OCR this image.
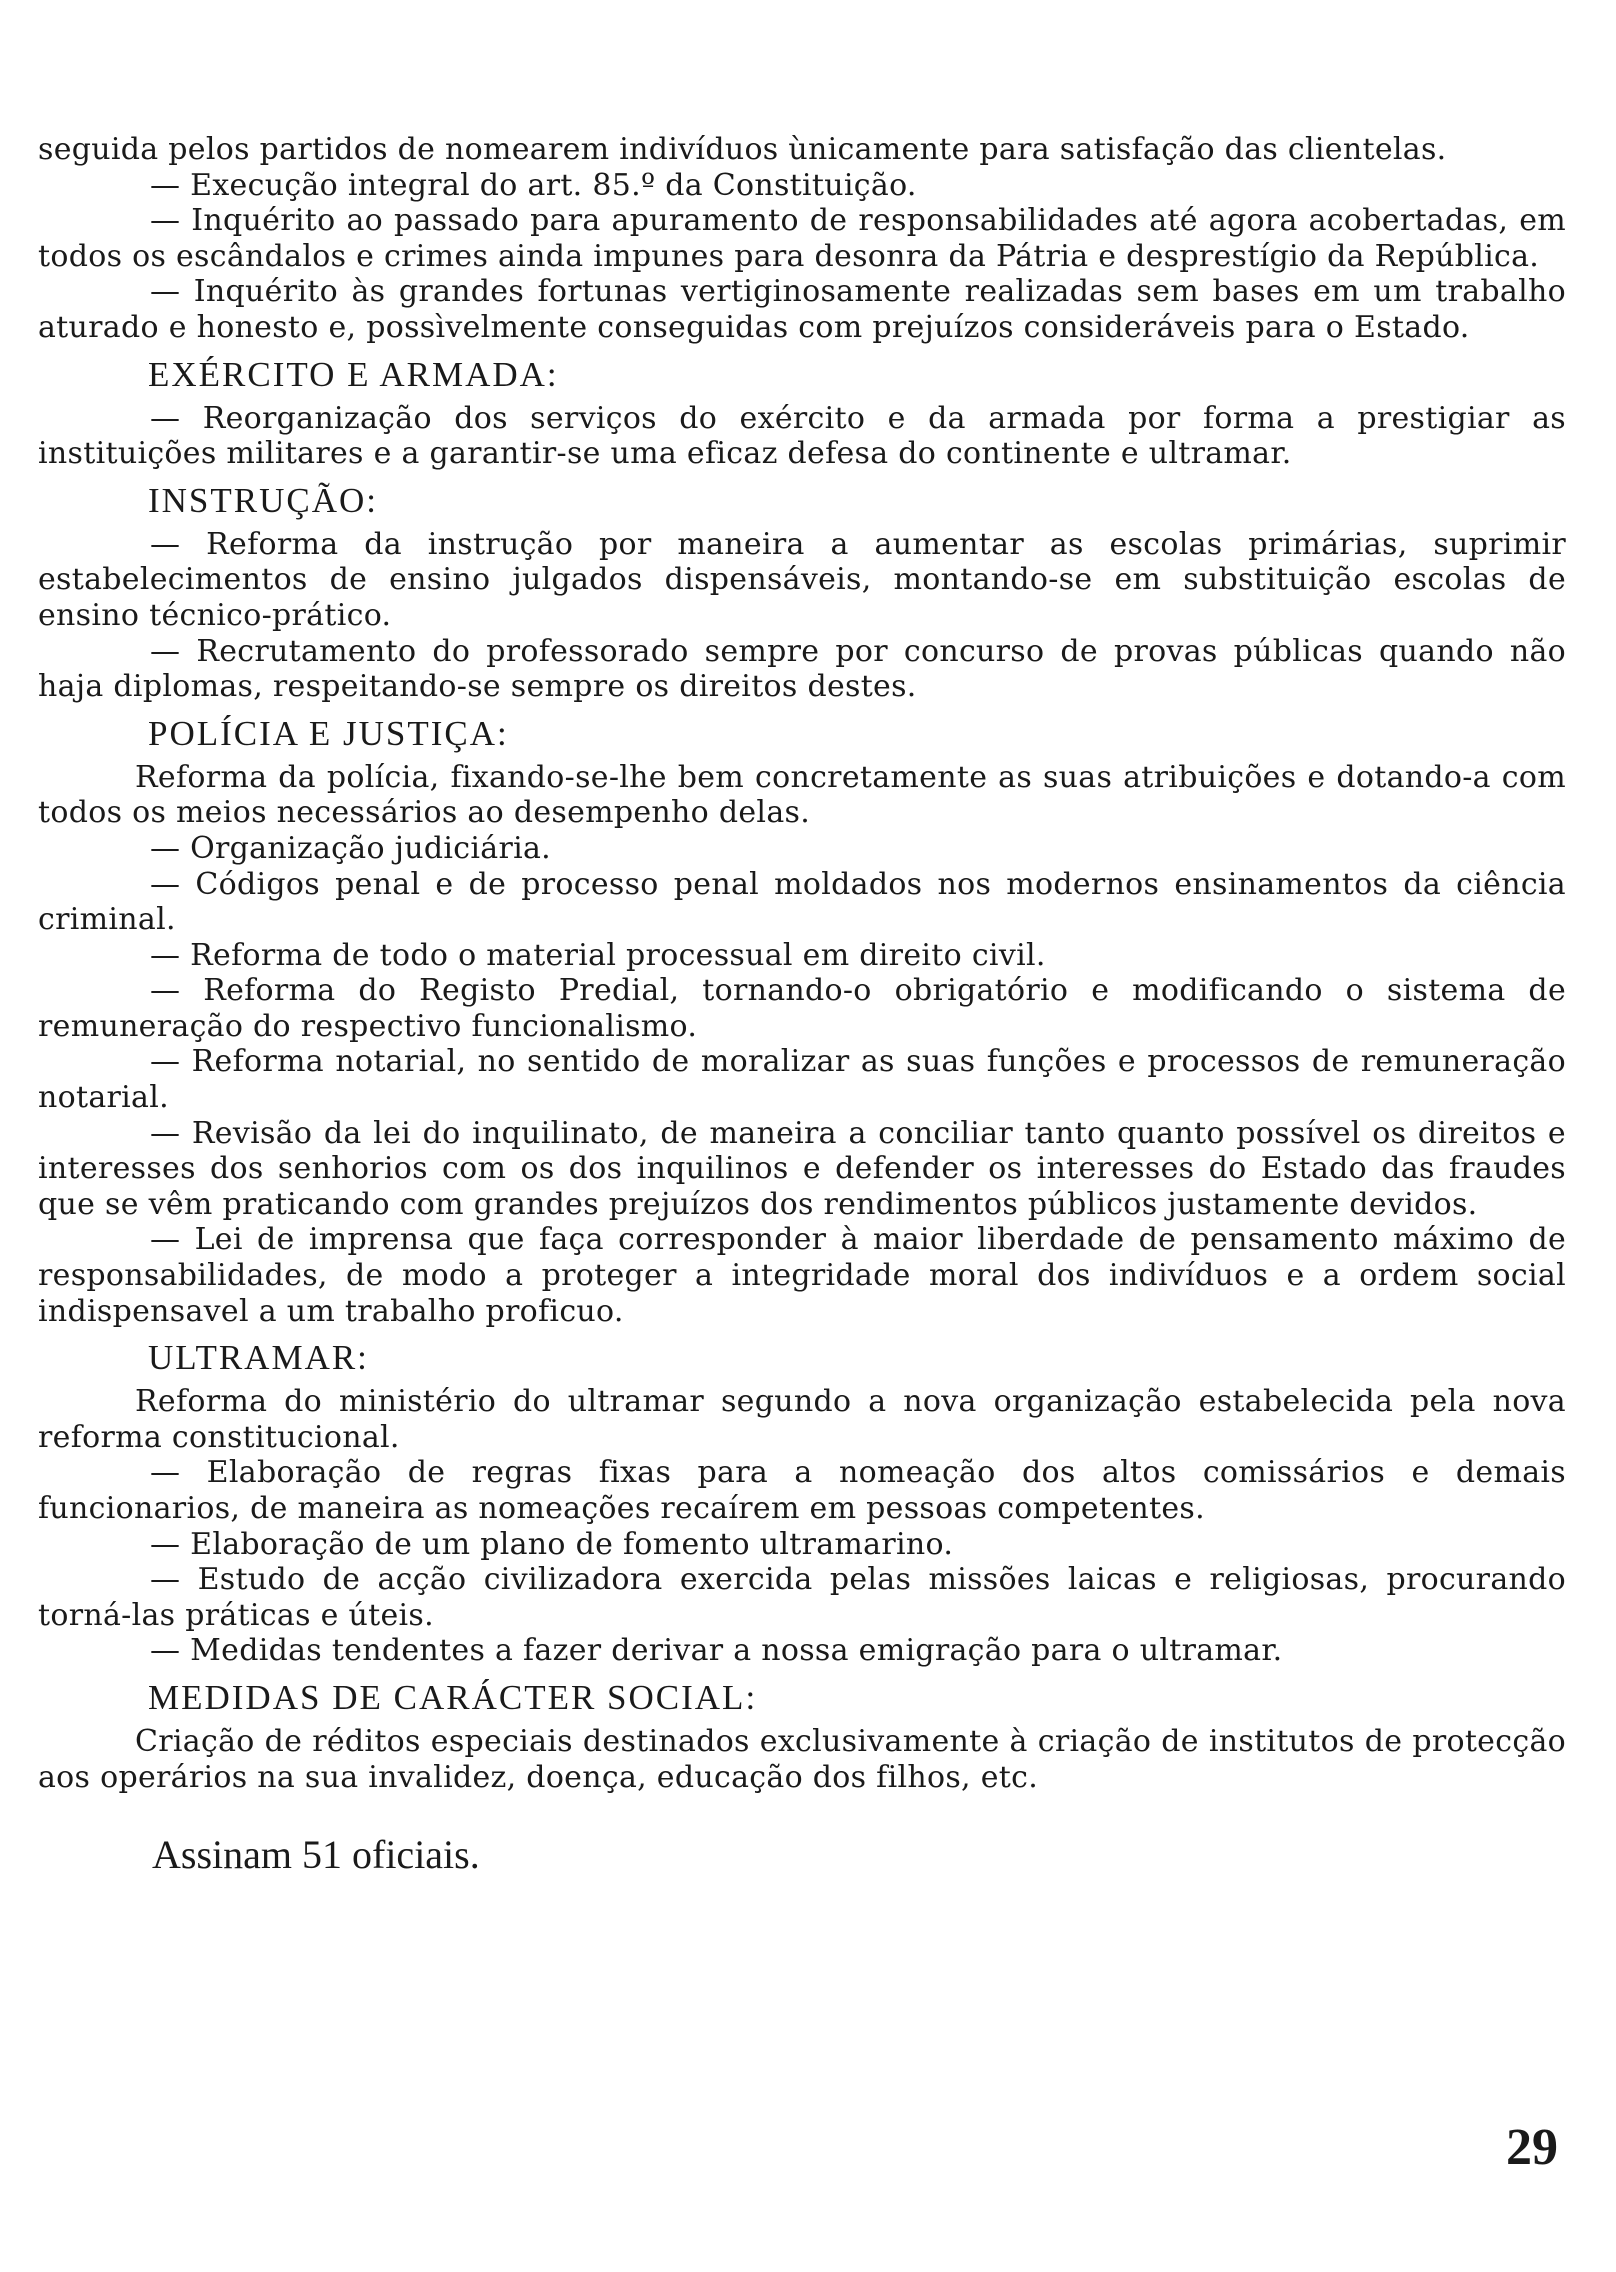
seguida pelos partidos de nomearem indivíduos ùnicamente para satisfação das clientelas.

— Execução integral do art. 85.º da Constituição.

— Inquérito ao passado para apuramento de responsabilidades até agora acobertadas, em todos os escândalos e crimes ainda impunes para desonra da Pátria e desprestígio da República.

— Inquérito às grandes fortunas vertiginosamente realizadas sem bases em um trabalho aturado e honesto e, possìvelmente conseguidas com prejuízos consideráveis para o Estado.

EXÉRCITO E ARMADA:

— Reorganização dos serviços do exército e da armada por forma a prestigiar as instituições militares e a garantir-se uma eficaz defesa do continente e ultramar.

INSTRUÇÃO:

— Reforma da instrução por maneira a aumentar as escolas primárias, suprimir estabelecimentos de ensino julgados dispensáveis, montando-se em substituição escolas de ensino técnico-prático.

— Recrutamento do professorado sempre por concurso de provas públicas quando não haja diplomas, respeitando-se sempre os direitos destes.

POLÍCIA E JUSTIÇA:

Reforma da polícia, fixando-se-lhe bem concretamente as suas atribuições e dotando-a com todos os meios necessários ao desempenho delas.

— Organização judiciária.

— Códigos penal e de processo penal moldados nos modernos ensinamentos da ciência criminal.

— Reforma de todo o material processual em direito civil.

— Reforma do Registo Predial, tornando-o obrigatório e modificando o sistema de remuneração do respectivo funcionalismo.

— Reforma notarial, no sentido de moralizar as suas funções e processos de remuneração notarial.

— Revisão da lei do inquilinato, de maneira a conciliar tanto quanto possível os direitos e interesses dos senhorios com os dos inquilinos e defender os interesses do Estado das fraudes que se vêm praticando com grandes prejuízos dos rendimentos públicos justamente devidos.

— Lei de imprensa que faça corresponder à maior liberdade de pensamento máximo de responsabilidades, de modo a proteger a integridade moral dos indivíduos e a ordem social indispensavel a um trabalho proficuo.

ULTRAMAR:

Reforma do ministério do ultramar segundo a nova organização estabelecida pela nova reforma constitucional.

— Elaboração de regras fixas para a nomeação dos altos comissários e demais funcionarios, de maneira as nomeações recaírem em pessoas competentes.

— Elaboração de um plano de fomento ultramarino.

— Estudo de acção civilizadora exercida pelas missões laicas e religiosas, procurando torná-las práticas e úteis.

— Medidas tendentes a fazer derivar a nossa emigração para o ultramar.

MEDIDAS DE CARÁCTER SOCIAL:

Criação de réditos especiais destinados exclusivamente à criação de institutos de protecção aos operários na sua invalidez, doença, educação dos filhos, etc.

Assinam 51 oficiais.
29
